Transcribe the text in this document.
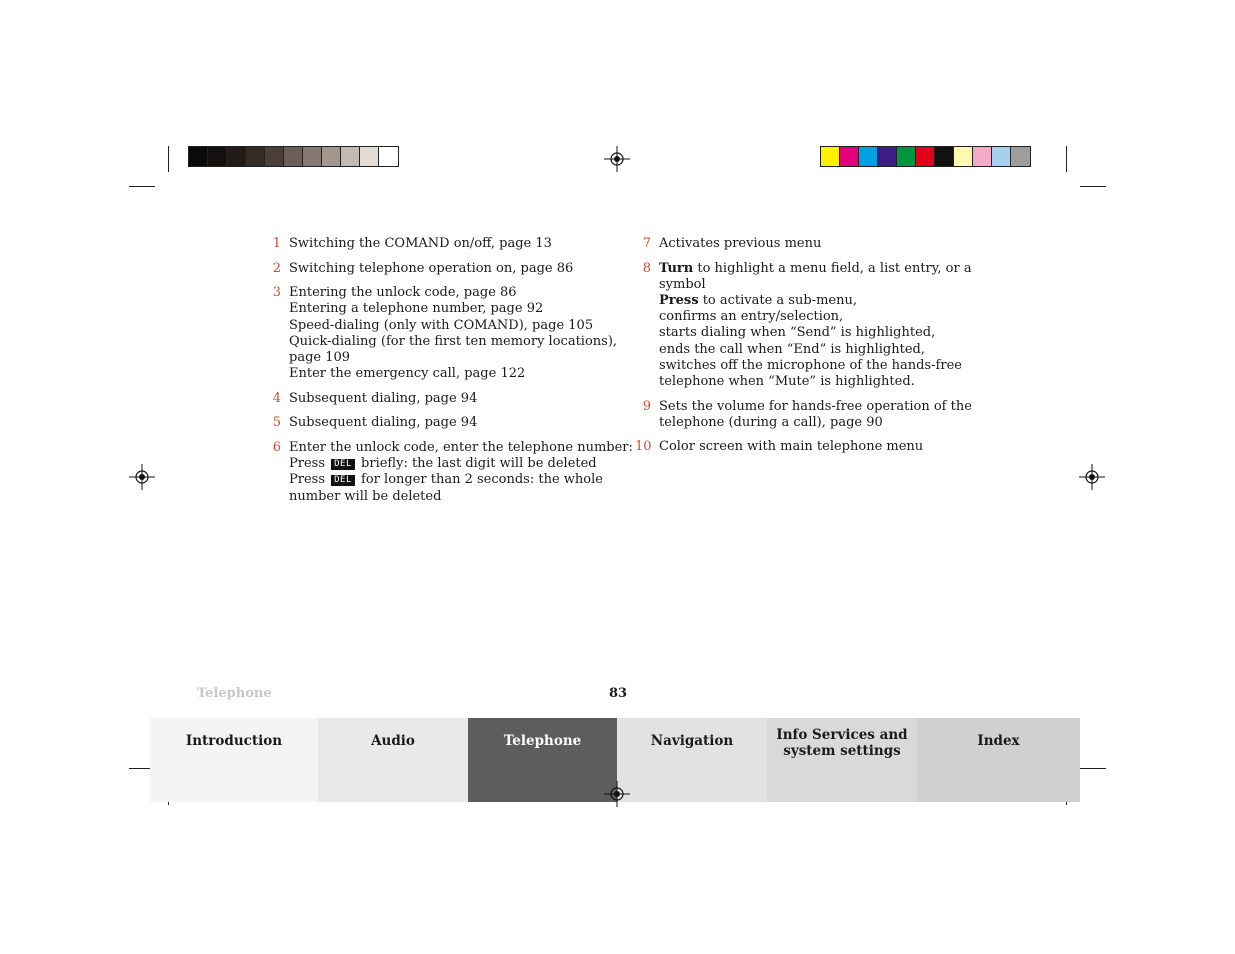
1 Switching the COMAND on/off, page 13
2 Switching telephone operation on, page 86
3 Entering the unlock code, page 86
Entering a telephone number, page 92
Speed-dialing (only with COMAND), page 105
Quick-dialing (for the first ten memory locations),
page 109
Enter the emergency call, page 122
4 Subsequent dialing, page 94
5 Subsequent dialing, page 94
6 Enter the unlock code, enter the telephone number:
Press DEL briefly: the last digit will be deleted
Press DEL for longer than 2 seconds: the whole
number will be deleted
7 Activates previous menu
8 Turn to highlight a menu field, a list entry, or a
symbol
Press to activate a sub-menu,
confirms an entry/selection,
starts dialing when “Send” is highlighted,
ends the call when “End” is highlighted,
switches off the microphone of the hands-free
telephone when “Mute” is highlighted.
9 Sets the volume for hands-free operation of the
telephone (during a call), page 90
10 Color screen with main telephone menu
Telephone	83
Introduction	Audio	Telephone	Navigation	Info Services and
system settings
Index
